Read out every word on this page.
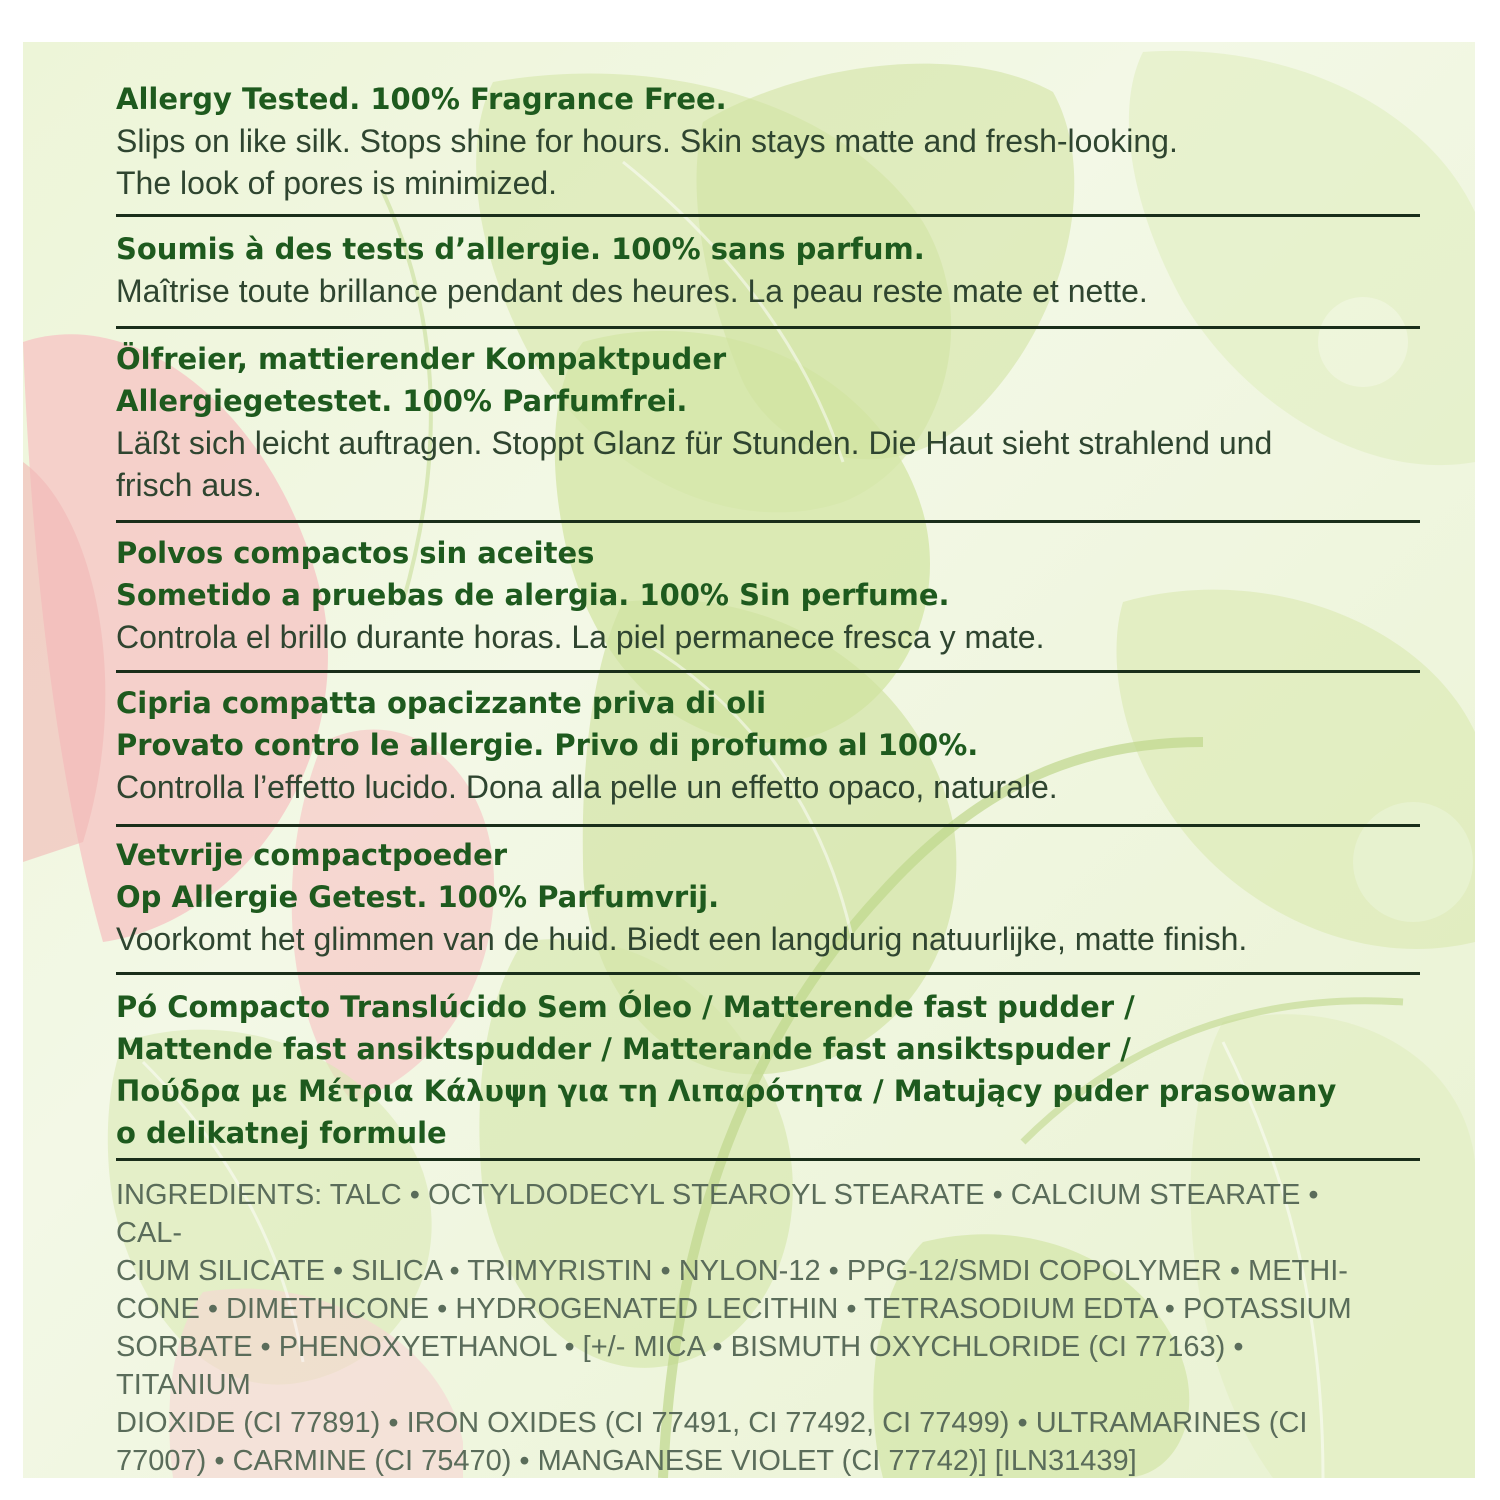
Allergy Tested. 100% Fragrance Free.

Slips on like silk. Stops shine for hours. Skin stays matte and fresh-looking.

The look of pores is minimized.

Soumis à des tests d’allergie. 100% sans parfum.

Maîtrise toute brillance pendant des heures. La peau reste mate et nette.

Ölfreier, mattierender Kompaktpuder

Allergiegetestet. 100% Parfumfrei.

Läßt sich leicht auftragen. Stoppt Glanz für Stunden. Die Haut sieht strahlend und

frisch aus.

Polvos compactos sin aceites

Sometido a pruebas de alergia. 100% Sin perfume.

Controla el brillo durante horas. La piel permanece fresca y mate.

Cipria compatta opacizzante priva di oli

Provato contro le allergie. Privo di profumo al 100%.

Controlla l’effetto lucido. Dona alla pelle un effetto opaco, naturale.

Vetvrije compactpoeder

Op Allergie Getest. 100% Parfumvrij.

Voorkomt het glimmen van de huid. Biedt een langdurig natuurlijke, matte finish.

Pó Compacto Translúcido Sem Óleo / Matterende fast pudder /

Mattende fast ansiktspudder / Matterande fast ansiktspuder /

Πούδρα με Μέτρια Κάλυψη για τη Λιπαρότητα / Matujący puder prasowany

o delikatnej formule

INGREDIENTS: TALC • OCTYLDODECYL STEAROYL STEARATE • CALCIUM STEARATE • CAL-

CIUM SILICATE • SILICA • TRIMYRISTIN • NYLON-12 • PPG-12/SMDI COPOLYMER • METHI-

CONE • DIMETHICONE • HYDROGENATED LECITHIN • TETRASODIUM EDTA • POTASSIUM

SORBATE • PHENOXYETHANOL • [+/- MICA • BISMUTH OXYCHLORIDE (CI 77163) • TITANIUM

DIOXIDE (CI 77891) • IRON OXIDES (CI 77491, CI 77492, CI 77499) • ULTRAMARINES (CI

77007) • CARMINE (CI 75470) • MANGANESE VIOLET (CI 77742)] [ILN31439]
